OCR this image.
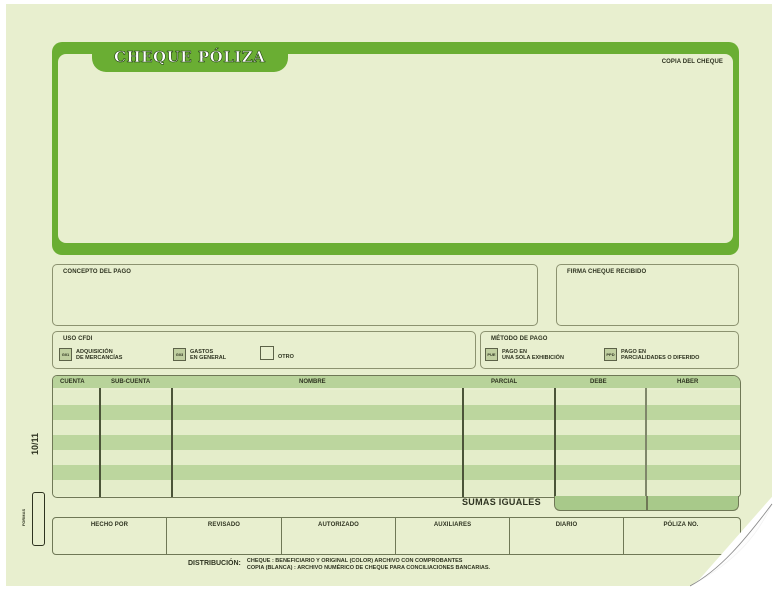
CHEQUE PÓLIZA	COPIA DEL CHEQUE
CONCEPTO DEL PAGO	FIRMA CHEQUE RECIBIDO
USO CFDI
G01	ADQUISICIÓN
DE MERCANCÍAS	G03	GASTOS
EN GENERAL	OTRO
MÉTODO DE PAGO
PUE	PAGO EN
UNA SOLA EXHIBICIÓN	PPD	PAGO EN
PARCIALIDADES O DIFERIDO
CUENTA	SUB-CUENTA	NOMBRE	PARCIAL	DEBE	HABER
SUMAS IGUALES
HECHO POR	REVISADO	AUTORIZADO	AUXILIARES	DIARIO	PÓLIZA NO.
DISTRIBUCIÓN: CHEQUE : BENEFICIARIO Y ORIGINAL (COLOR) ARCHIVO CON COMPROBANTES
COPIA (BLANCA) : ARCHIVO NUMÉRICO DE CHEQUE PARA CONCILIACIONES BANCARIAS.
10/11
FORMAS
